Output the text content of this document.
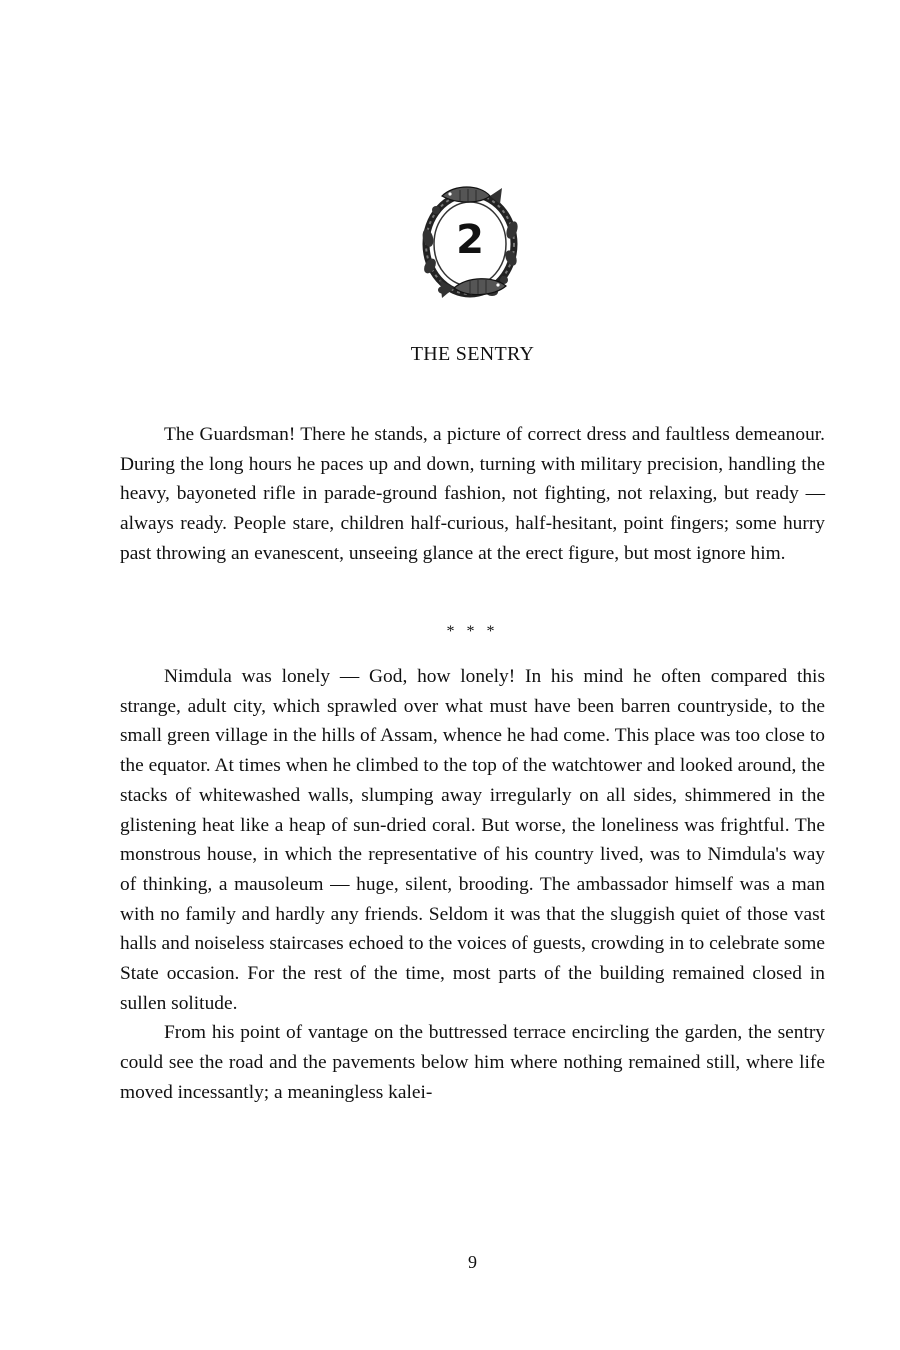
2
THE SENTRY

The Guardsman! There he stands, a picture of correct dress and faultless demeanour. During the long hours he paces up and down, turning with military precision, handling the heavy, bayoneted rifle in parade-ground fashion, not fighting, not relaxing, but ready — always ready. People stare, children half-curious, half-hesitant, point fingers; some hurry past throwing an evanescent, unseeing glance at the erect figure, but most ignore him.

* * *

Nimdula was lonely — God, how lonely! In his mind he often compared this strange, adult city, which sprawled over what must have been barren countryside, to the small green village in the hills of Assam, whence he had come. This place was too close to the equator. At times when he climbed to the top of the watchtower and looked around, the stacks of whitewashed walls, slumping away irregularly on all sides, shimmered in the glistening heat like a heap of sun-dried coral. But worse, the loneliness was frightful. The monstrous house, in which the representative of his country lived, was to Nimdula's way of thinking, a mausoleum — huge, silent, brooding. The ambassador himself was a man with no family and hardly any friends. Seldom it was that the sluggish quiet of those vast halls and noiseless staircases echoed to the voices of guests, crowding in to celebrate some State occasion. For the rest of the time, most parts of the building remained closed in sullen solitude.

From his point of vantage on the buttressed terrace encircling the garden, the sentry could see the road and the pavements below him where nothing remained still, where life moved incessantly; a meaningless kalei-

9
